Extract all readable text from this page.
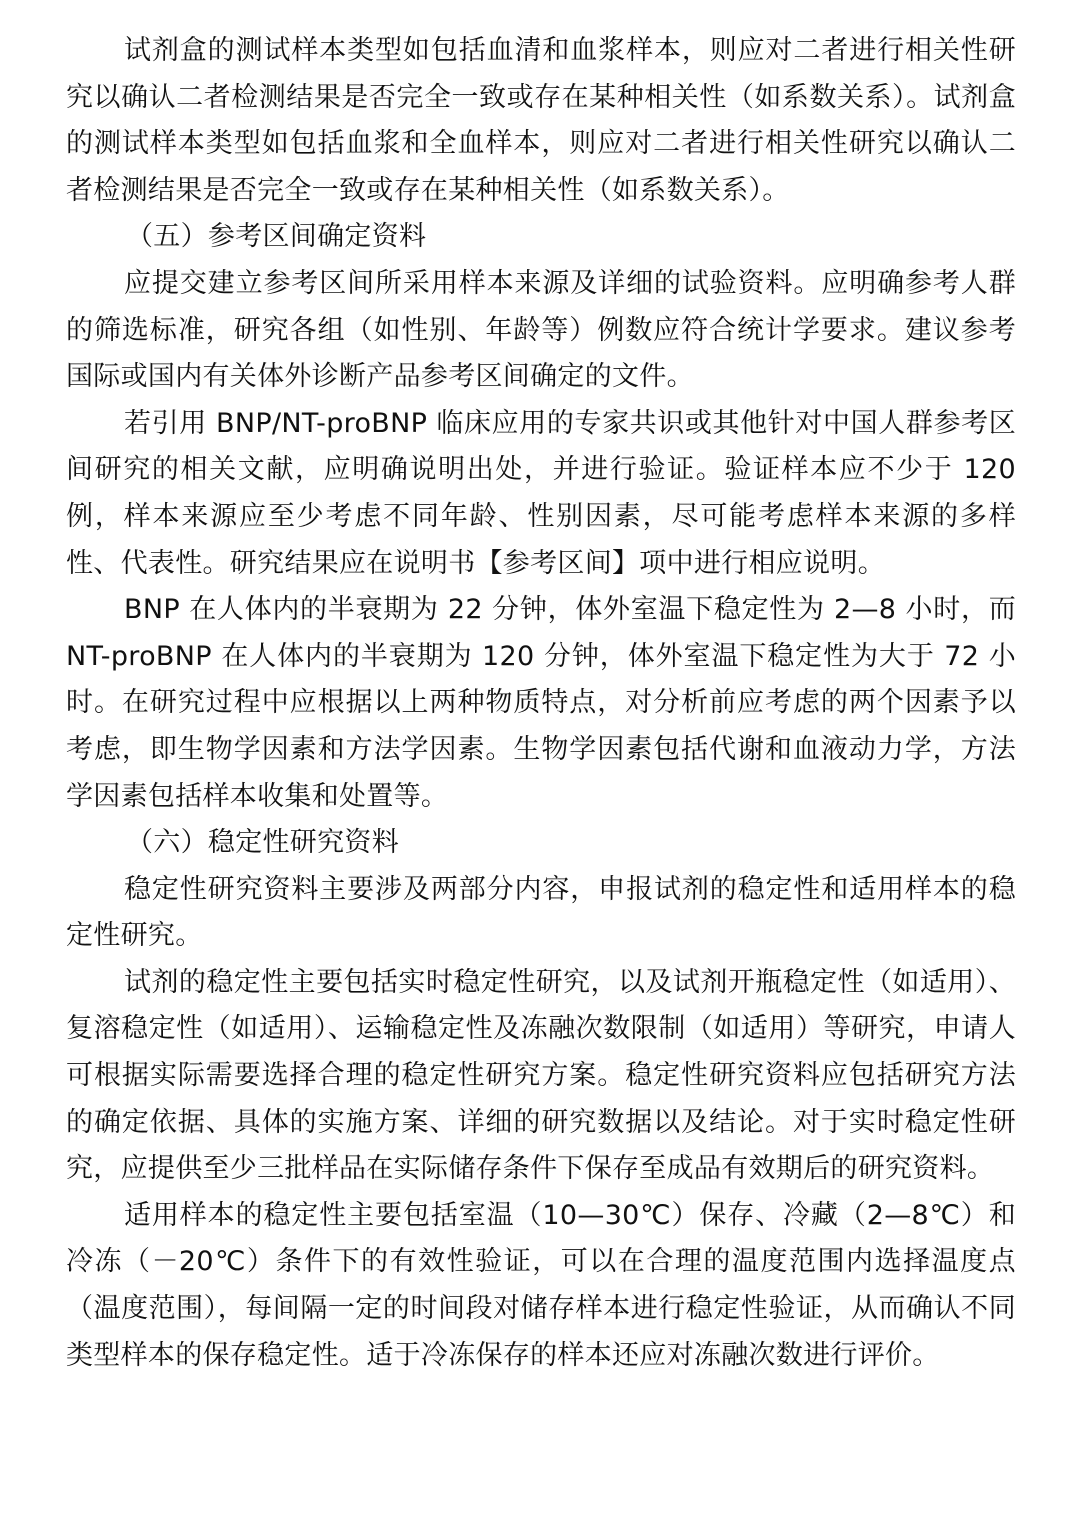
试剂盒的测试样本类型如包括血清和血浆样本，则应对二者进行相关性研究以确认二者检测结果是否完全一致或存在某种相关性（如系数关系）。试剂盒的测试样本类型如包括血浆和全血样本，则应对二者进行相关性研究以确认二者检测结果是否完全一致或存在某种相关性（如系数关系）。

（五）参考区间确定资料

应提交建立参考区间所采用样本来源及详细的试验资料。应明确参考人群的筛选标准，研究各组（如性别、年龄等）例数应符合统计学要求。建议参考国际或国内有关体外诊断产品参考区间确定的文件。

若引用 BNP/NT-proBNP 临床应用的专家共识或其他针对中国人群参考区间研究的相关文献，应明确说明出处，并进行验证。验证样本应不少于 120 例，样本来源应至少考虑不同年龄、性别因素，尽可能考虑样本来源的多样性、代表性。研究结果应在说明书【参考区间】项中进行相应说明。

BNP 在人体内的半衰期为 22 分钟，体外室温下稳定性为 2—8 小时，而 NT-proBNP 在人体内的半衰期为 120 分钟，体外室温下稳定性为大于 72 小时。在研究过程中应根据以上两种物质特点，对分析前应考虑的两个因素予以考虑，即生物学因素和方法学因素。生物学因素包括代谢和血液动力学，方法学因素包括样本收集和处置等。

（六）稳定性研究资料

稳定性研究资料主要涉及两部分内容，申报试剂的稳定性和适用样本的稳定性研究。

试剂的稳定性主要包括实时稳定性研究，以及试剂开瓶稳定性（如适用）、复溶稳定性（如适用）、运输稳定性及冻融次数限制（如适用）等研究，申请人可根据实际需要选择合理的稳定性研究方案。稳定性研究资料应包括研究方法的确定依据、具体的实施方案、详细的研究数据以及结论。对于实时稳定性研究，应提供至少三批样品在实际储存条件下保存至成品有效期后的研究资料。

适用样本的稳定性主要包括室温（10—30℃）保存、冷藏（2—8℃）和冷冻（－20℃）条件下的有效性验证，可以在合理的温度范围内选择温度点（温度范围），每间隔一定的时间段对储存样本进行稳定性验证，从而确认不同类型样本的保存稳定性。适于冷冻保存的样本还应对冻融次数进行评价。
